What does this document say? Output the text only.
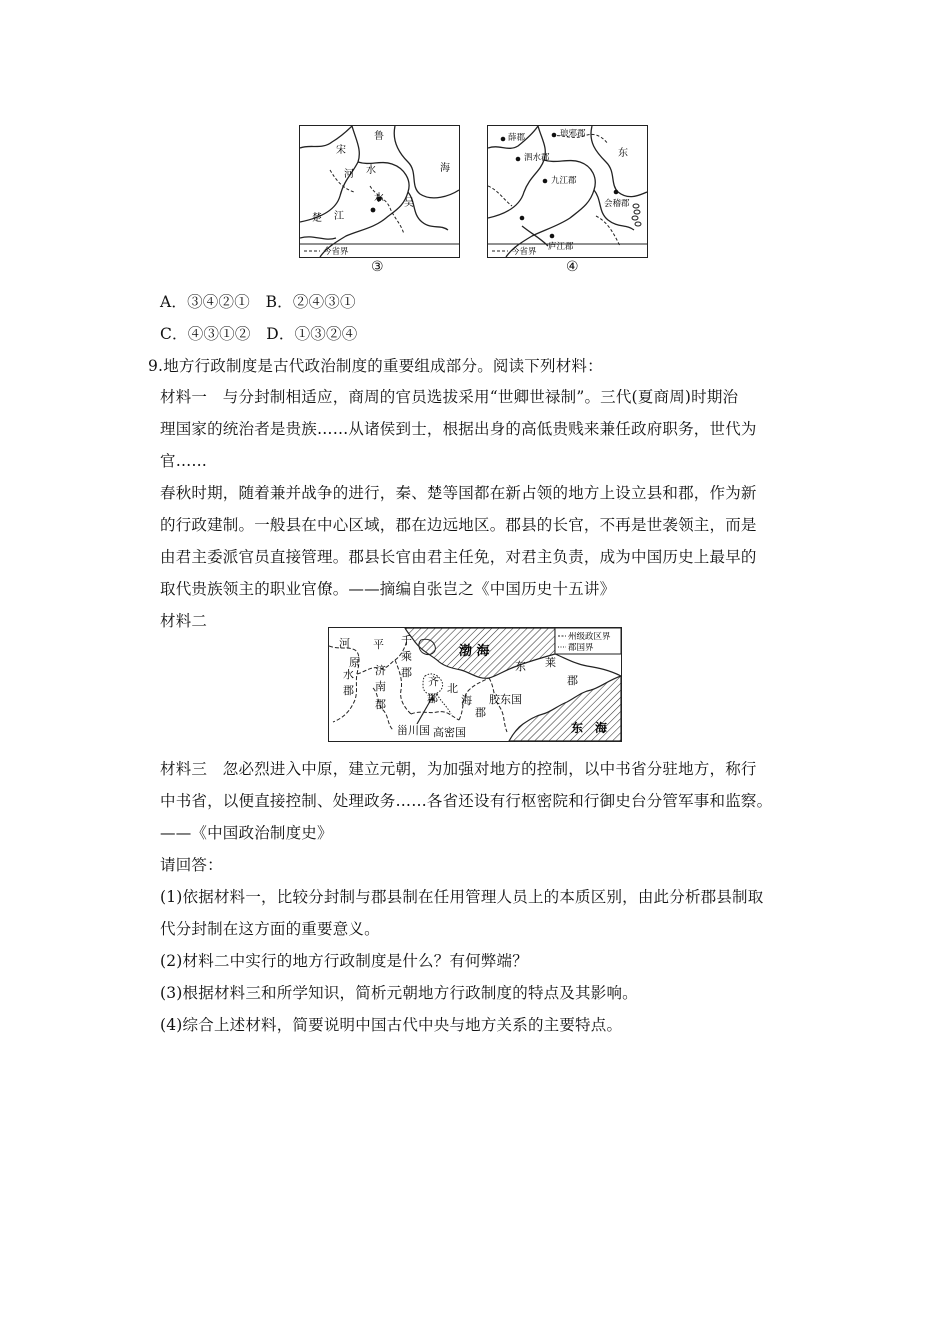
鲁
宋
河 水	海
水
楚 江
吴
今省界
③
薛郡	琅邪郡
泗水郡	东
九江郡
会稽郡
庐江郡
今省界
④
A．③④②①　B．②④③①
C．④③①②　D．①③②④
9.地方行政制度是古代政治制度的重要组成部分。阅读下列材料：
材料一　与分封制相适应，商周的官员选拔采用“世卿世禄制”。三代(夏商周)时期治
理国家的统治者是贵族……从诸侯到士，根据出身的高低贵贱来兼任政府职务，世代为
官……
春秋时期，随着兼并战争的进行，秦、楚等国都在新占领的地方上设立县和郡，作为新
的行政建制。一般县在中心区域，郡在边远地区。郡县的长官，不再是世袭领主，而是
由君主委派官员直接管理。郡县长官由君主任免，对君主负责，成为中国历史上最早的
取代贵族领主的职业官僚。——摘编自张岂之《中国历史十五讲》
材料二
渤 海
州级政区界
郡国界
河 平
原
千
乘
郡
水
郡
济
南
郡
齐
郡
北
海
郡
东 莱
郡
胶东国
甾川国 高密国	东　海
材料三　忽必烈进入中原，建立元朝，为加强对地方的控制，以中书省分驻地方，称行
中书省，以便直接控制、处理政务……各省还设有行枢密院和行御史台分管军事和监察。
——《中国政治制度史》
请回答：
(1)依据材料一，比较分封制与郡县制在任用管理人员上的本质区别，由此分析郡县制取
代分封制在这方面的重要意义。
(2)材料二中实行的地方行政制度是什么？有何弊端？
(3)根据材料三和所学知识，简析元朝地方行政制度的特点及其影响。
(4)综合上述材料，简要说明中国古代中央与地方关系的主要特点。
